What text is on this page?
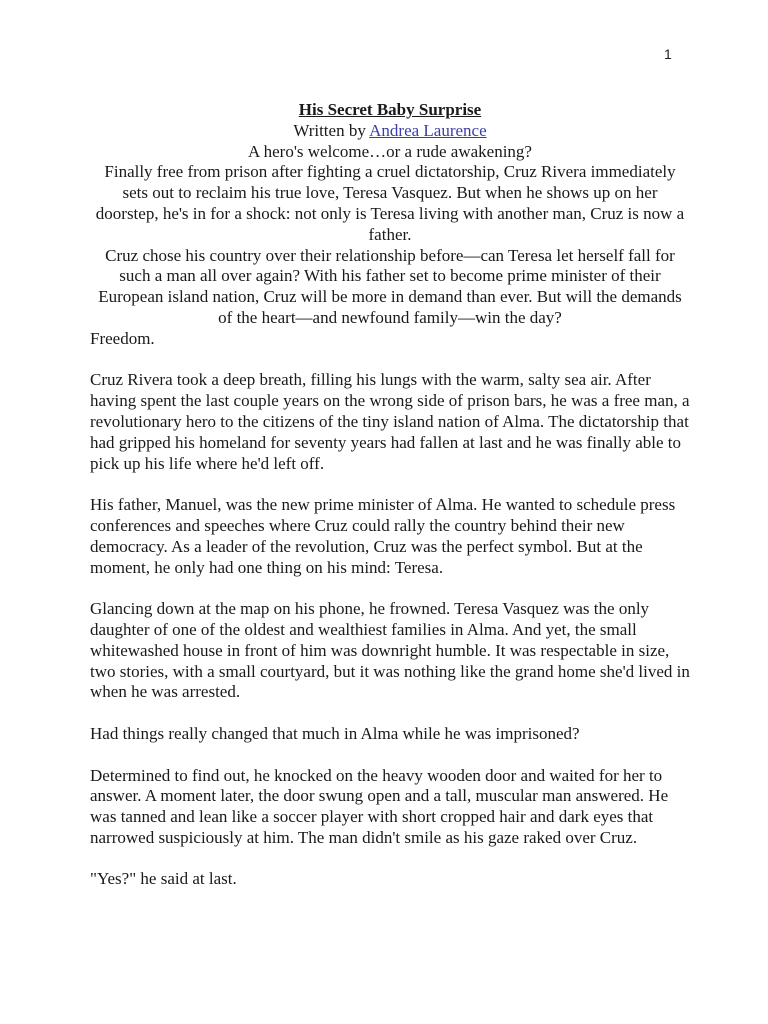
1

His Secret Baby Surprise

Written by Andrea Laurence

A hero's welcome…or a rude awakening?

Finally free from prison after fighting a cruel dictatorship, Cruz Rivera immediately sets out to reclaim his true love, Teresa Vasquez. But when he shows up on her doorstep, he's in for a shock: not only is Teresa living with another man, Cruz is now a father.

Cruz chose his country over their relationship before—can Teresa let herself fall for such a man all over again? With his father set to become prime minister of their European island nation, Cruz will be more in demand than ever. But will the demands of the heart—and newfound family—win the day?

Freedom.

Cruz Rivera took a deep breath, filling his lungs with the warm, salty sea air. After having spent the last couple years on the wrong side of prison bars, he was a free man, a revolutionary hero to the citizens of the tiny island nation of Alma. The dictatorship that had gripped his homeland for seventy years had fallen at last and he was finally able to pick up his life where he'd left off.

His father, Manuel, was the new prime minister of Alma. He wanted to schedule press conferences and speeches where Cruz could rally the country behind their new democracy. As a leader of the revolution, Cruz was the perfect symbol. But at the moment, he only had one thing on his mind: Teresa.

Glancing down at the map on his phone, he frowned. Teresa Vasquez was the only daughter of one of the oldest and wealthiest families in Alma. And yet, the small whitewashed house in front of him was downright humble. It was respectable in size, two stories, with a small courtyard, but it was nothing like the grand home she'd lived in when he was arrested.

Had things really changed that much in Alma while he was imprisoned?

Determined to find out, he knocked on the heavy wooden door and waited for her to answer. A moment later, the door swung open and a tall, muscular man answered. He was tanned and lean like a soccer player with short cropped hair and dark eyes that narrowed suspiciously at him. The man didn't smile as his gaze raked over Cruz.

"Yes?" he said at last.
